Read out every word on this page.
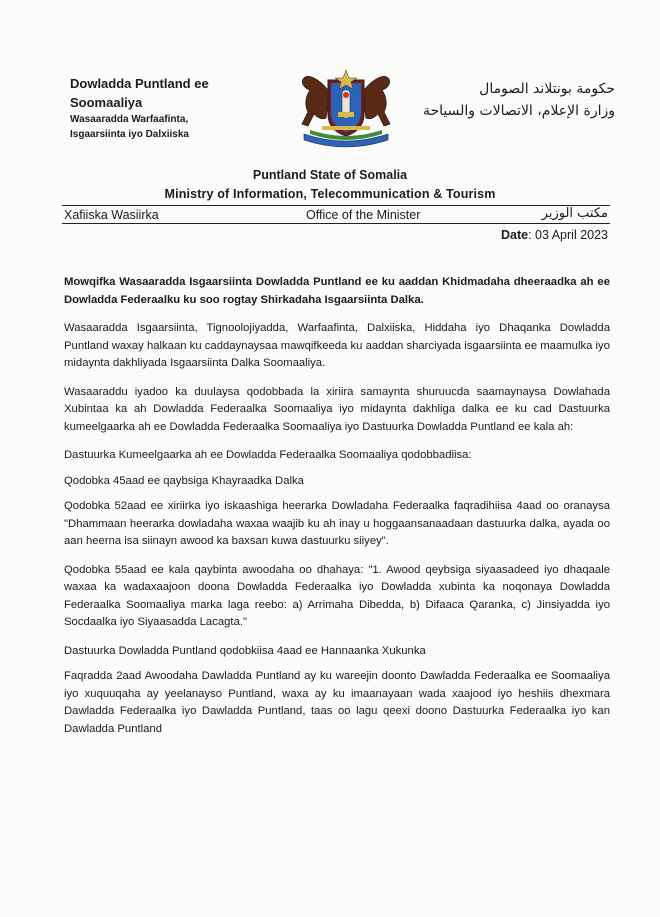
Dowladda Puntland ee
Soomaaliya
Wasaaradda Warfaafinta,
Isgaarsiinta iyo Dalxiiska
حكومة بونتلاند الصومال
وزارة الإعلام، الاتصالات والسياحة
Puntland State of Somalia
Ministry of Information, Telecommunication & Tourism
Xafiiska Wasiirka	Office of the Minister	مكتب الوزير
Date: 03 April 2023

Mowqifka Wasaaradda Isgaarsiinta Dowladda Puntland ee ku aaddan Khidmadaha dheeraadka ah ee Dowladda Federaalku ku soo rogtay Shirkadaha Isgaarsiinta Dalka.

Wasaaradda Isgaarsiinta, Tignoolojiyadda, Warfaafinta, Dalxiiska, Hiddaha iyo Dhaqanka Dowladda Puntland waxay halkaan ku caddaynaysaa mawqifkeeda ku aaddan sharciyada isgaarsiinta ee maamulka iyo midaynta dakhliyada Isgaarsiinta Dalka Soomaaliya.

Wasaaraddu iyadoo ka duulaysa qodobbada la xiriira samaynta shuruucda saamaynaysa Dowlahada Xubintaa ka ah Dowladda Federaalka Soomaaliya iyo midaynta dakhliga dalka ee ku cad Dastuurka kumeelgaarka ah ee Dowladda Federaalka Soomaaliya iyo Dastuurka Dowladda Puntland ee kala ah:

Dastuurka Kumeelgaarka ah ee Dowladda Federaalka Soomaaliya qodobbadiisa:

Qodobka 45aad ee qaybsiga Khayraadka Dalka

Qodobka 52aad ee xiriirka iyo iskaashiga heerarka Dowladaha Federaalka faqradihiisa 4aad oo oranaysa "Dhammaan heerarka dowladaha waxaa waajib ku ah inay u hoggaansanaadaan dastuurka dalka, ayada oo aan heerna isa siinayn awood ka baxsan kuwa dastuurku siiyey".

Qodobka 55aad ee kala qaybinta awoodaha oo dhahaya: "1. Awood qeybsiga siyaasadeed iyo dhaqaale waxaa ka wadaxaajoon doona Dowladda Federaalka iyo Dowladda xubinta ka noqonaya Dowladda Federaalka Soomaaliya marka laga reebo: a) Arrimaha Dibedda, b) Difaaca Qaranka, c) Jinsiyadda iyo Socdaalka iyo Siyaasadda Lacagta."

Dastuurka Dowladda Puntland qodobkiisa 4aad ee Hannaanka Xukunka

Faqradda 2aad Awoodaha Dawladda Puntland ay ku wareejin doonto Dawladda Federaalka ee Soomaaliya iyo xuquuqaha ay yeelanayso Puntland, waxa ay ku imaanayaan wada xaajood iyo heshiis dhexmara Dawladda Federaalka iyo Dawladda Puntland, taas oo lagu qeexi doono Dastuurka Federaalka iyo kan Dawladda Puntland
